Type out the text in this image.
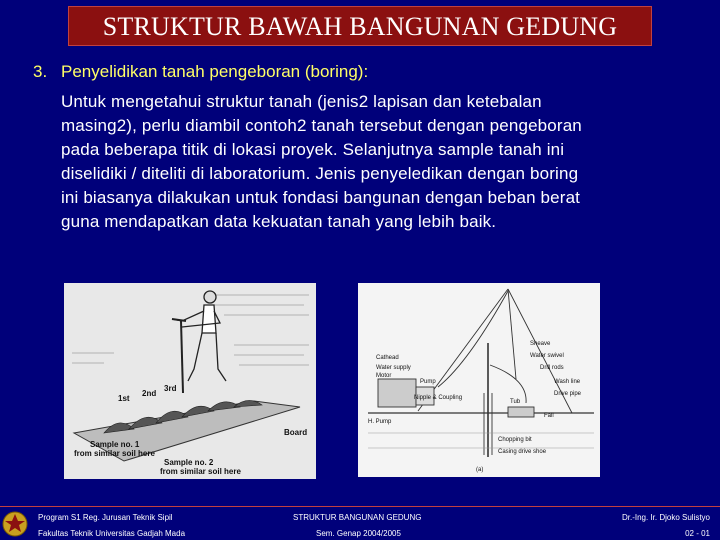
STRUKTUR BAWAH BANGUNAN GEDUNG
3. Penyelidikan tanah pengeboran (boring):
Untuk mengetahui struktur tanah (jenis2 lapisan dan ketebalan
masing2), perlu diambil contoh2 tanah tersebut dengan pengeboran
pada beberapa titik di lokasi proyek. Selanjutnya sample tanah ini
diselidiki / diteliti di laboratorium. Jenis penyeledikan dengan boring
ini biasanya dilakukan untuk fondasi bangunan dengan beban berat
guna mendapatkan data kekuatan tanah yang lebih baik.
1st
2nd
3rd
Board
Sample no. 1
from similar soil here
Sample no. 2
from similar soil here
Cathead
Water supply
Motor
Pump
Sheave
Water swivel
Drill rods
Wash line
Drive pipe
Nipple & Coupling
H. Pump
Tub
Fall
Chopping bit
Casing drive shoe
(a)
Program S1 Reg. Jurusan Teknik Sipil
Fakultas Teknik Universitas Gadjah Mada
STRUKTUR BANGUNAN GEDUNG
Sem. Genap 2004/2005
Dr.-Ing. Ir. Djoko Sulistyo
02 - 01
